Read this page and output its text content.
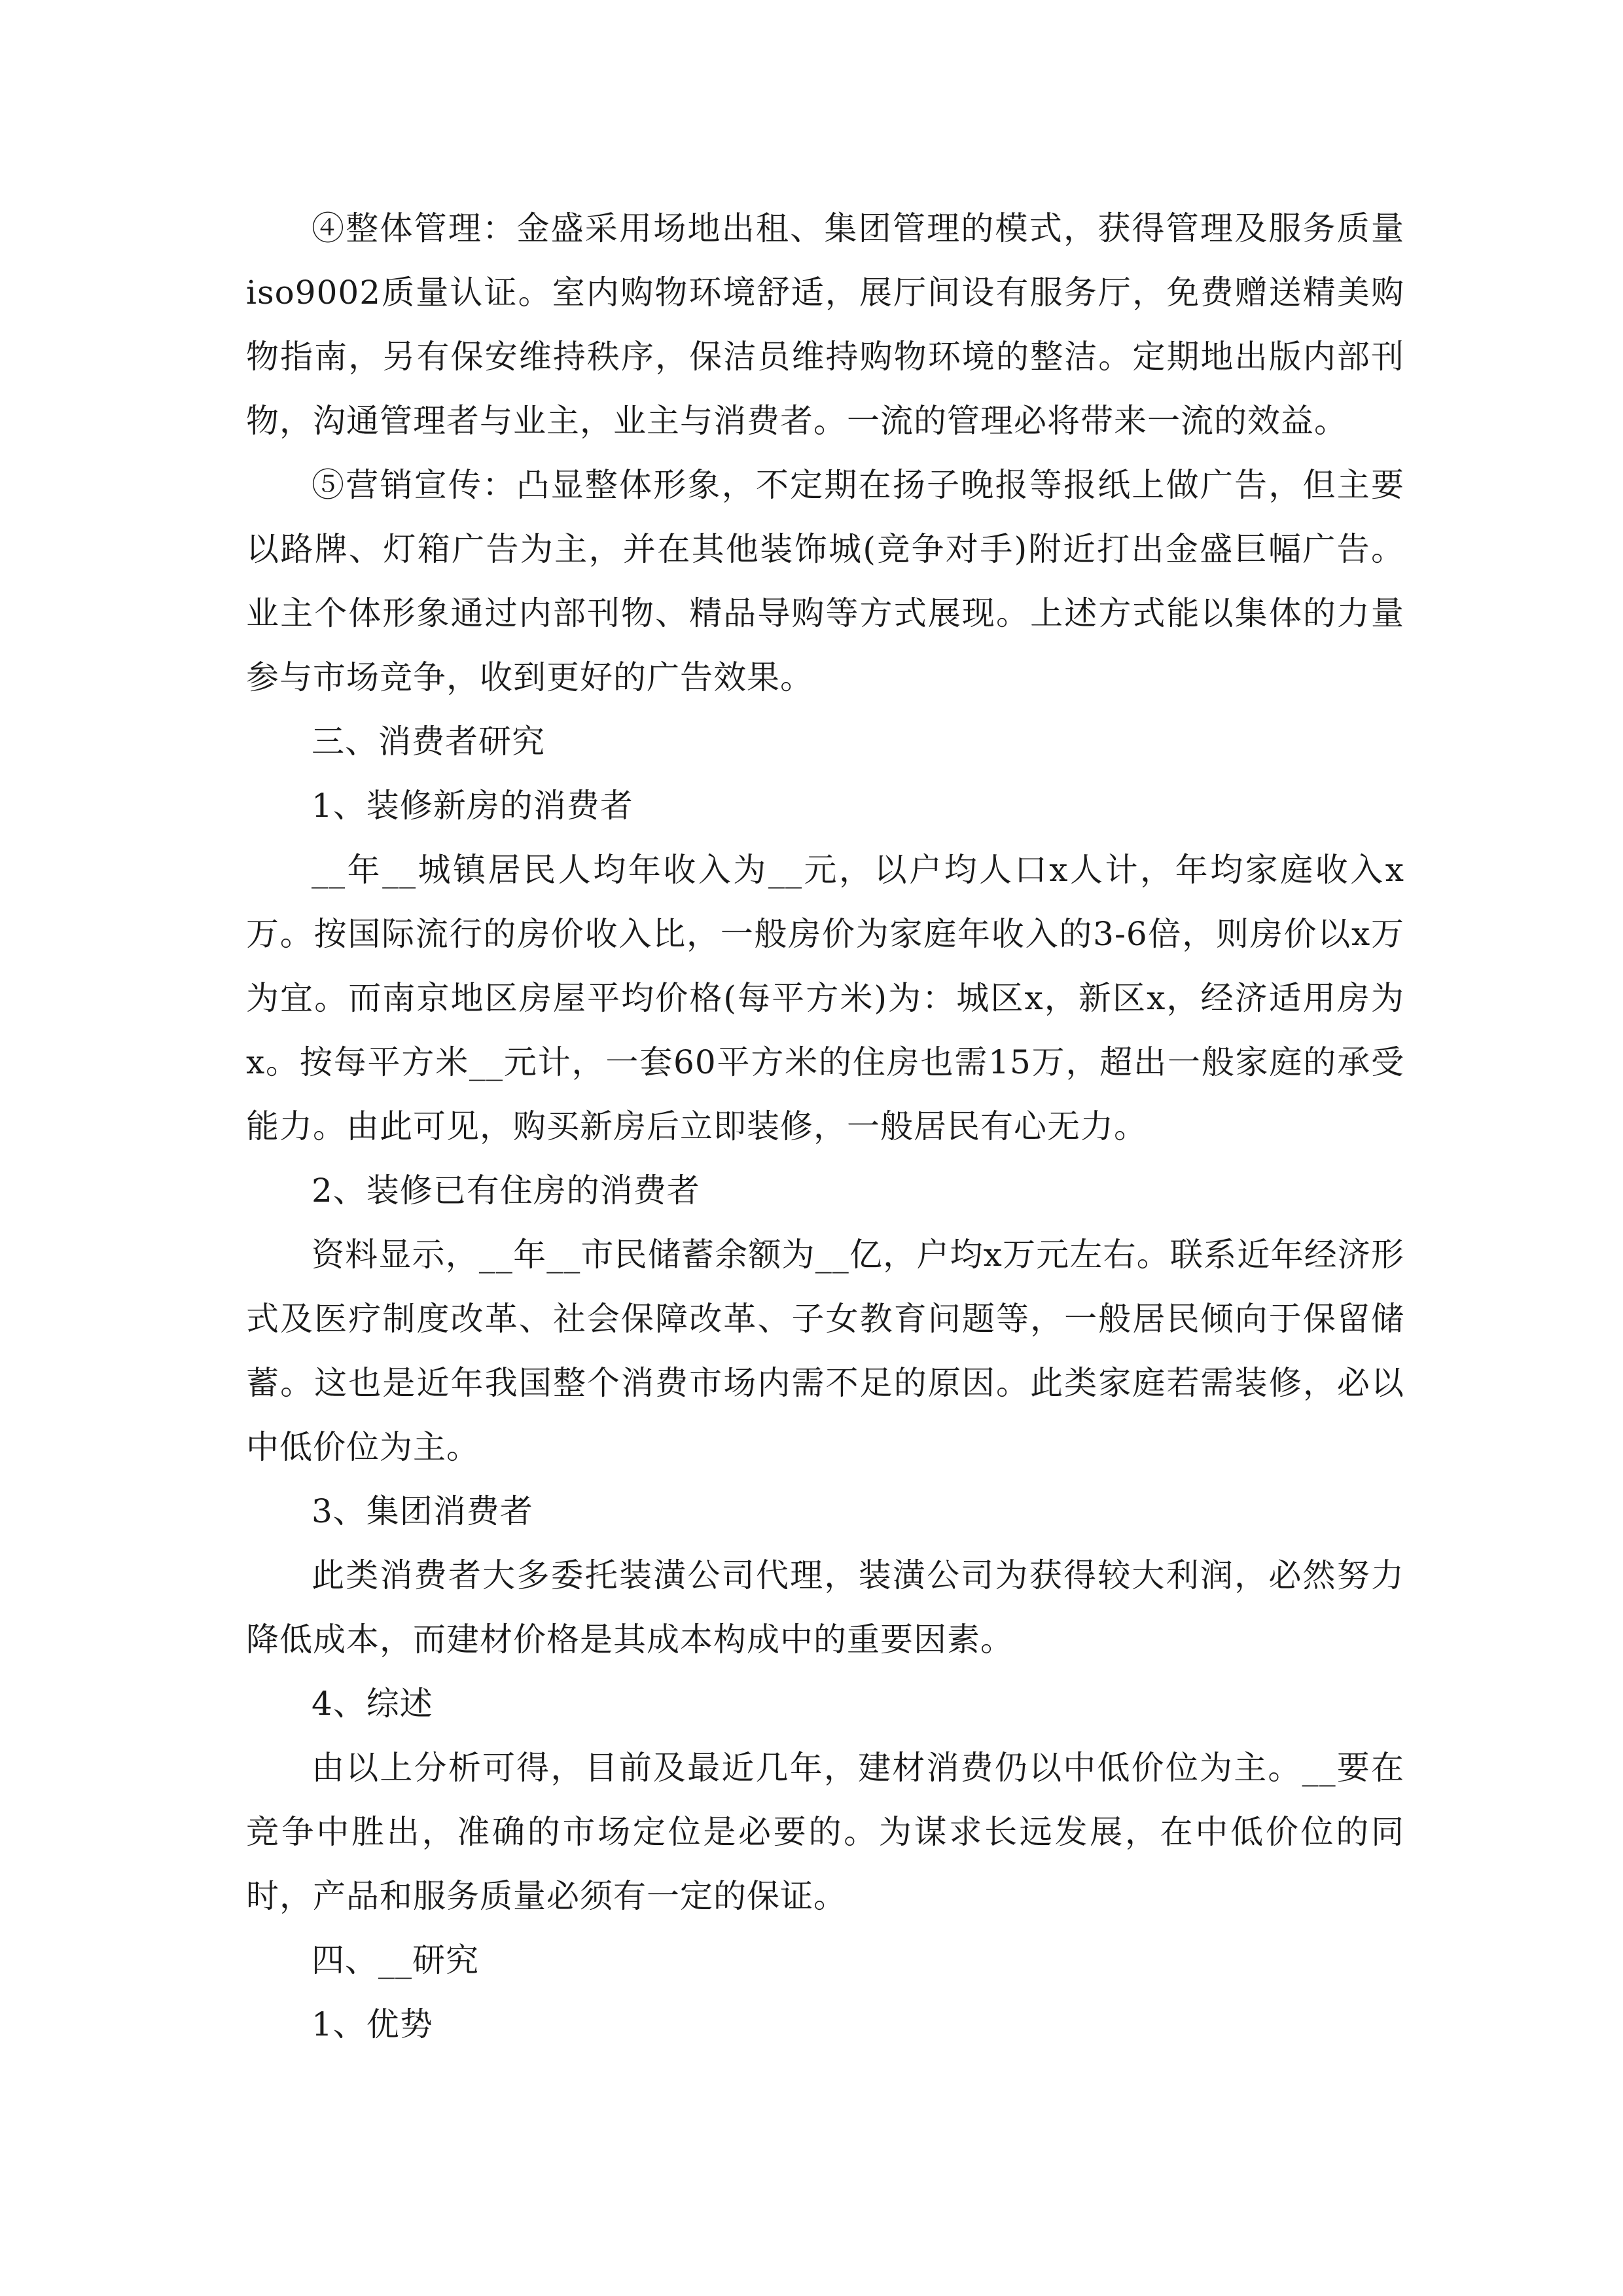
④整体管理：金盛采用场地出租、集团管理的模式，获得管理及服务质量iso9002质量认证。室内购物环境舒适，展厅间设有服务厅，免费赠送精美购物指南，另有保安维持秩序，保洁员维持购物环境的整洁。定期地出版内部刊物，沟通管理者与业主，业主与消费者。一流的管理必将带来一流的效益。

⑤营销宣传：凸显整体形象，不定期在扬子晚报等报纸上做广告，但主要以路牌、灯箱广告为主，并在其他装饰城(竞争对手)附近打出金盛巨幅广告。业主个体形象通过内部刊物、精品导购等方式展现。上述方式能以集体的力量参与市场竞争，收到更好的广告效果。

三、消费者研究

1、装修新房的消费者

__年__城镇居民人均年收入为__元，以户均人口x人计，年均家庭收入x万。按国际流行的房价收入比，一般房价为家庭年收入的3-6倍，则房价以x万为宜。而南京地区房屋平均价格(每平方米)为：城区x，新区x，经济适用房为x。按每平方米__元计，一套60平方米的住房也需15万，超出一般家庭的承受能力。由此可见，购买新房后立即装修，一般居民有心无力。

2、装修已有住房的消费者

资料显示，__年__市民储蓄余额为__亿，户均x万元左右。联系近年经济形式及医疗制度改革、社会保障改革、子女教育问题等，一般居民倾向于保留储蓄。这也是近年我国整个消费市场内需不足的原因。此类家庭若需装修，必以中低价位为主。

3、集团消费者

此类消费者大多委托装潢公司代理，装潢公司为获得较大利润，必然努力降低成本，而建材价格是其成本构成中的重要因素。

4、综述

由以上分析可得，目前及最近几年，建材消费仍以中低价位为主。__要在竞争中胜出，准确的市场定位是必要的。为谋求长远发展，在中低价位的同时，产品和服务质量必须有一定的保证。

四、__研究

1、优势
